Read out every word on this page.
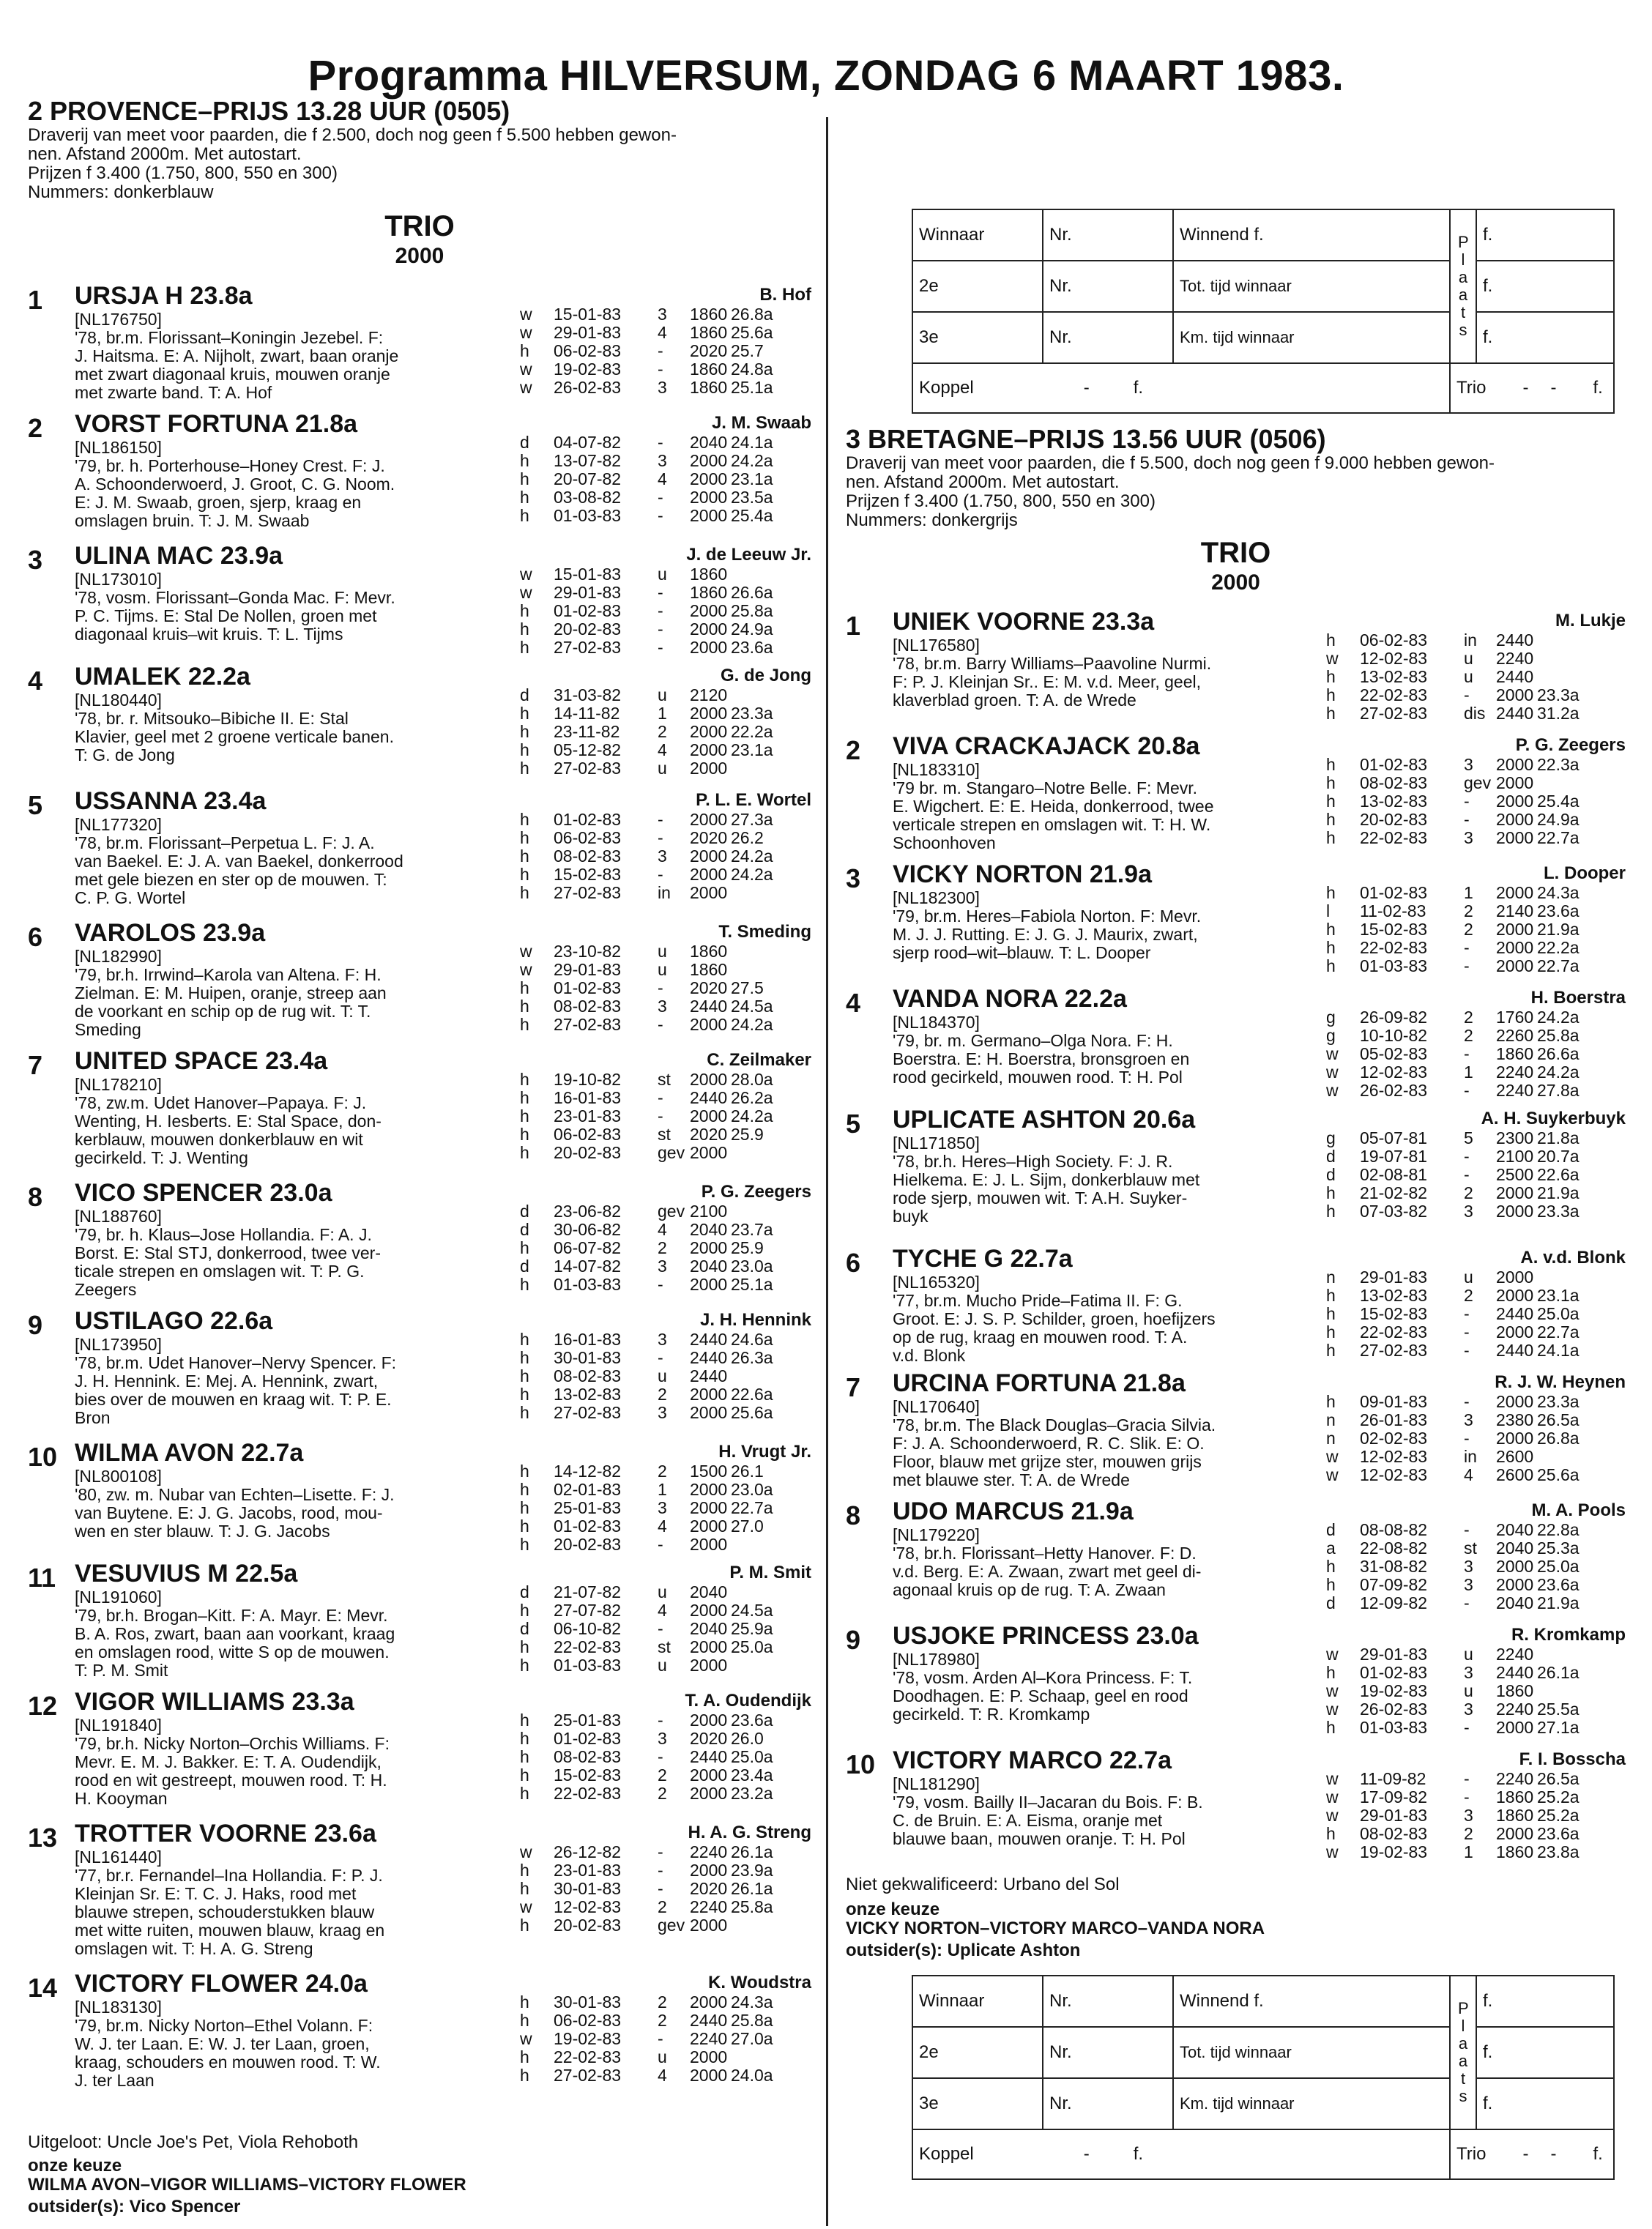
Programma HILVERSUM, ZONDAG 6 MAART 1983.
2 PROVENCE–PRIJS 13.28 UUR (0505)
Draverij van meet voor paarden, die f 2.500, doch nog geen f 5.500 hebben gewon-
nen. Afstand 2000m. Met autostart.
Prijzen f 3.400 (1.750, 800, 550 en 300)
Nummers: donkerblauw
TRIO
2000
1	URSJA H 23.8a	B. Hof
[NL176750]
'78, br.m. Florissant–Koningin Jezebel. F:
J. Haitsma. E: A. Nijholt, zwart, baan oranje
met zwart diagonaal kruis, mouwen oranje
met zwarte band. T: A. Hof
w 15-01-83 3 1860 26.8a
w 29-01-83 4 1860 25.6a
h 06-02-83 - 2020 25.7
w 19-02-83 - 1860 24.8a
w 26-02-83 3 1860 25.1a
2	VORST FORTUNA 21.8a	J. M. Swaab
[NL186150]
'79, br. h. Porterhouse–Honey Crest. F: J.
A. Schoonderwoerd, J. Groot, C. G. Noom.
E: J. M. Swaab, groen, sjerp, kraag en
omslagen bruin. T: J. M. Swaab
d 04-07-82 - 2040 24.1a
h 13-07-82 3 2000 24.2a
h 20-07-82 4 2000 23.1a
h 03-08-82 - 2000 23.5a
h 01-03-83 - 2000 25.4a
3	ULINA MAC 23.9a	J. de Leeuw Jr.
[NL173010]
'78, vosm. Florissant–Gonda Mac. F: Mevr.
P. C. Tijms. E: Stal De Nollen, groen met
diagonaal kruis–wit kruis. T: L. Tijms
w 15-01-83 u 1860
w 29-01-83 - 1860 26.6a
h 01-02-83 - 2000 25.8a
h 20-02-83 - 2000 24.9a
h 27-02-83 - 2000 23.6a
4	UMALEK 22.2a	G. de Jong
[NL180440]
'78, br. r. Mitsouko–Bibiche II. E: Stal
Klavier, geel met 2 groene verticale banen.
T: G. de Jong
d 31-03-82 u 2120
h 14-11-82 1 2000 23.3a
h 23-11-82 2 2000 22.2a
h 05-12-82 4 2000 23.1a
h 27-02-83 u 2000
5	USSANNA 23.4a	P. L. E. Wortel
[NL177320]
'78, br.m. Florissant–Perpetua L. F: J. A.
van Baekel. E: J. A. van Baekel, donkerrood
met gele biezen en ster op de mouwen. T:
C. P. G. Wortel
h 01-02-83 - 2000 27.3a
h 06-02-83 - 2020 26.2
h 08-02-83 3 2000 24.2a
h 15-02-83 - 2000 24.2a
h 27-02-83 in 2000
6	VAROLOS 23.9a	T. Smeding
[NL182990]
'79, br.h. Irrwind–Karola van Altena. F: H.
Zielman. E: M. Huipen, oranje, streep aan
de voorkant en schip op de rug wit. T: T.
Smeding
w 23-10-82 u 1860
w 29-01-83 u 1860
h 01-02-83 - 2020 27.5
h 08-02-83 3 2440 24.5a
h 27-02-83 - 2000 24.2a
7	UNITED SPACE 23.4a	C. Zeilmaker
[NL178210]
'78, zw.m. Udet Hanover–Papaya. F: J.
Wenting, H. Iesberts. E: Stal Space, don-
kerblauw, mouwen donkerblauw en wit
gecirkeld. T: J. Wenting
h 19-10-82 st 2000 28.0a
h 16-01-83 - 2440 26.2a
h 23-01-83 - 2000 24.2a
h 06-02-83 st 2020 25.9
h 20-02-83 gev 2000
8	VICO SPENCER 23.0a	P. G. Zeegers
[NL188760]
'79, br. h. Klaus–Jose Hollandia. F: A. J.
Borst. E: Stal STJ, donkerrood, twee ver-
ticale strepen en omslagen wit. T: P. G.
Zeegers
d 23-06-82 gev 2100
d 30-06-82 4 2040 23.7a
h 06-07-82 2 2000 25.9
d 14-07-82 3 2040 23.0a
h 01-03-83 - 2000 25.1a
9	USTILAGO 22.6a	J. H. Hennink
[NL173950]
'78, br.m. Udet Hanover–Nervy Spencer. F:
J. H. Hennink. E: Mej. A. Hennink, zwart,
bies over de mouwen en kraag wit. T: P. E.
Bron
h 16-01-83 3 2440 24.6a
h 30-01-83 - 2440 26.3a
h 08-02-83 u 2440
h 13-02-83 2 2000 22.6a
h 27-02-83 3 2000 25.6a
10 WILMA AVON 22.7a	H. Vrugt Jr.
[NL800108]
'80, zw. m. Nubar van Echten–Lisette. F: J.
van Buytene. E: J. G. Jacobs, rood, mou-
wen en ster blauw. T: J. G. Jacobs
h 14-12-82 2 1500 26.1
h 02-01-83 1 2000 23.0a
h 25-01-83 3 2000 22.7a
h 01-02-83 4 2000 27.0
h 20-02-83 - 2000
11 VESUVIUS M 22.5a	P. M. Smit
[NL191060]
'79, br.h. Brogan–Kitt. F: A. Mayr. E: Mevr.
B. A. Ros, zwart, baan aan voorkant, kraag
en omslagen rood, witte S op de mouwen.
T: P. M. Smit
d 21-07-82 u 2040
h 27-07-82 4 2000 24.5a
d 06-10-82 - 2040 25.9a
h 22-02-83 st 2000 25.0a
h 01-03-83 u 2000
12 VIGOR WILLIAMS 23.3a	T. A. Oudendijk
[NL191840]
'79, br.h. Nicky Norton–Orchis Williams. F:
Mevr. E. M. J. Bakker. E: T. A. Oudendijk,
rood en wit gestreept, mouwen rood. T: H.
H. Kooyman
h 25-01-83 - 2000 23.6a
h 01-02-83 3 2020 26.0
h 08-02-83 - 2440 25.0a
h 15-02-83 2 2000 23.4a
h 22-02-83 2 2000 23.2a
13 TROTTER VOORNE 23.6a	H. A. G. Streng
[NL161440]
'77, br.r. Fernandel–Ina Hollandia. F: P. J.
Kleinjan Sr. E: T. C. J. Haks, rood met
blauwe strepen, schouderstukken blauw
met witte ruiten, mouwen blauw, kraag en
omslagen wit. T: H. A. G. Streng
w 26-12-82 - 2240 26.1a
h 23-01-83 - 2000 23.9a
h 30-01-83 - 2020 26.1a
w 12-02-83 2 2240 25.8a
h 20-02-83 gev 2000
14 VICTORY FLOWER 24.0a	K. Woudstra
[NL183130]
'79, br.m. Nicky Norton–Ethel Volann. F:
W. J. ter Laan. E: W. J. ter Laan, groen,
kraag, schouders en mouwen rood. T: W.
J. ter Laan
h 30-01-83 2 2000 24.3a
h 06-02-83 2 2440 25.8a
w 19-02-83 - 2240 27.0a
h 22-02-83 u 2000
h 27-02-83 4 2000 24.0a
Uitgeloot: Uncle Joe's Pet, Viola Rehoboth
onze keuze
WILMA AVON–VIGOR WILLIAMS–VICTORY FLOWER
outsider(s): Vico Spencer
Winnaar	Nr.	Winnend f.	Plaats	f.
2e	Nr.	Tot. tijd winnaar		f.
3e	Nr.	Km. tijd winnaar		f.
Koppel - f.			Trio - - f.	
3 BRETAGNE–PRIJS 13.56 UUR (0506)
Draverij van meet voor paarden, die f 5.500, doch nog geen f 9.000 hebben gewon-
nen. Afstand 2000m. Met autostart.
Prijzen f 3.400 (1.750, 800, 550 en 300)
Nummers: donkergrijs
TRIO
2000
1	UNIEK VOORNE 23.3a	M. Lukje
[NL176580]
'78, br.m. Barry Williams–Paavoline Nurmi.
F: P. J. Kleinjan Sr.. E: M. v.d. Meer, geel,
klaverblad groen. T: A. de Wrede
h 06-02-83 in 2440
w 12-02-83 u 2240
h 13-02-83 u 2440
h 22-02-83 - 2000 23.3a
h 27-02-83 dis 2440 31.2a
2	VIVA CRACKAJACK 20.8a	P. G. Zeegers
[NL183310]
'79 br. m. Stangaro–Notre Belle. F: Mevr.
E. Wigchert. E: E. Heida, donkerrood, twee
verticale strepen en omslagen wit. T: H. W.
Schoonhoven
h 01-02-83 3 2000 22.3a
h 08-02-83 gev 2000
h 13-02-83 - 2000 25.4a
h 20-02-83 - 2000 24.9a
h 22-02-83 3 2000 22.7a
3	VICKY NORTON 21.9a	L. Dooper
[NL182300]
'79, br.m. Heres–Fabiola Norton. F: Mevr.
M. J. J. Rutting. E: J. G. J. Maurix, zwart,
sjerp rood–wit–blauw. T: L. Dooper
h 01-02-83 1 2000 24.3a
l 11-02-83 2 2140 23.6a
h 15-02-83 2 2000 21.9a
h 22-02-83 - 2000 22.2a
h 01-03-83 - 2000 22.7a
4	VANDA NORA 22.2a	H. Boerstra
[NL184370]
'79, br. m. Germano–Olga Nora. F: H.
Boerstra. E: H. Boerstra, bronsgroen en
rood gecirkeld, mouwen rood. T: H. Pol
g 26-09-82 2 1760 24.2a
g 10-10-82 2 2260 25.8a
w 05-02-83 - 1860 26.6a
w 12-02-83 1 2240 24.2a
w 26-02-83 - 2240 27.8a
5	UPLICATE ASHTON 20.6a	A. H. Suykerbuyk
[NL171850]
'78, br.h. Heres–High Society. F: J. R.
Hielkema. E: J. L. Sijm, donkerblauw met
rode sjerp, mouwen wit. T: A.H. Suyker-
buyk
g 05-07-81 5 2300 21.8a
d 19-07-81 - 2100 20.7a
d 02-08-81 - 2500 22.6a
h 21-02-82 2 2000 21.9a
h 07-03-82 3 2000 23.3a
6	TYCHE G 22.7a	A. v.d. Blonk
[NL165320]
'77, br.m. Mucho Pride–Fatima II. F: G.
Groot. E: J. S. P. Schilder, groen, hoefijzers
op de rug, kraag en mouwen rood. T: A.
v.d. Blonk
n 29-01-83 u 2000
h 13-02-83 2 2000 23.1a
h 15-02-83 - 2440 25.0a
h 22-02-83 - 2000 22.7a
h 27-02-83 - 2440 24.1a
7	URCINA FORTUNA 21.8a	R. J. W. Heynen
[NL170640]
'78, br.m. The Black Douglas–Gracia Silvia.
F: J. A. Schoonderwoerd, R. C. Slik. E: O.
Floor, blauw met grijze ster, mouwen grijs
met blauwe ster. T: A. de Wrede
h 09-01-83 - 2000 23.3a
n 26-01-83 3 2380 26.5a
n 02-02-83 - 2000 26.8a
w 12-02-83 in 2600
w 12-02-83 4 2600 25.6a
8	UDO MARCUS 21.9a	M. A. Pools
[NL179220]
'78, br.h. Florissant–Hetty Hanover. F: D.
v.d. Berg. E: A. Zwaan, zwart met geel di-
agonaal kruis op de rug. T: A. Zwaan
d 08-08-82 - 2040 22.8a
a 22-08-82 st 2040 25.3a
h 31-08-82 3 2000 25.0a
h 07-09-82 3 2000 23.6a
d 12-09-82 - 2040 21.9a
9	USJOKE PRINCESS 23.0a	R. Kromkamp
[NL178980]
'78, vosm. Arden Al–Kora Princess. F: T.
Doodhagen. E: P. Schaap, geel en rood
gecirkeld. T: R. Kromkamp
w 29-01-83 u 2240
h 01-02-83 3 2440 26.1a
w 19-02-83 u 1860
w 26-02-83 3 2240 25.5a
h 01-03-83 - 2000 27.1a
10 VICTORY MARCO 22.7a	F. I. Bosscha
[NL181290]
'79, vosm. Bailly II–Jacaran du Bois. F: B.
C. de Bruin. E: A. Eisma, oranje met
blauwe baan, mouwen oranje. T: H. Pol
w 11-09-82 - 2240 26.5a
w 17-09-82 - 1860 25.2a
w 29-01-83 3 1860 25.2a
h 08-02-83 2 2000 23.6a
w 19-02-83 1 1860 23.8a
Niet gekwalificeerd: Urbano del Sol
onze keuze
VICKY NORTON–VICTORY MARCO–VANDA NORA
outsider(s): Uplicate Ashton
Winnaar	Nr.	Winnend f.	Plaats	f.
2e	Nr.	Tot. tijd winnaar		f.
3e	Nr.	Km. tijd winnaar		f.
Koppel - f.			Trio - - f.	
